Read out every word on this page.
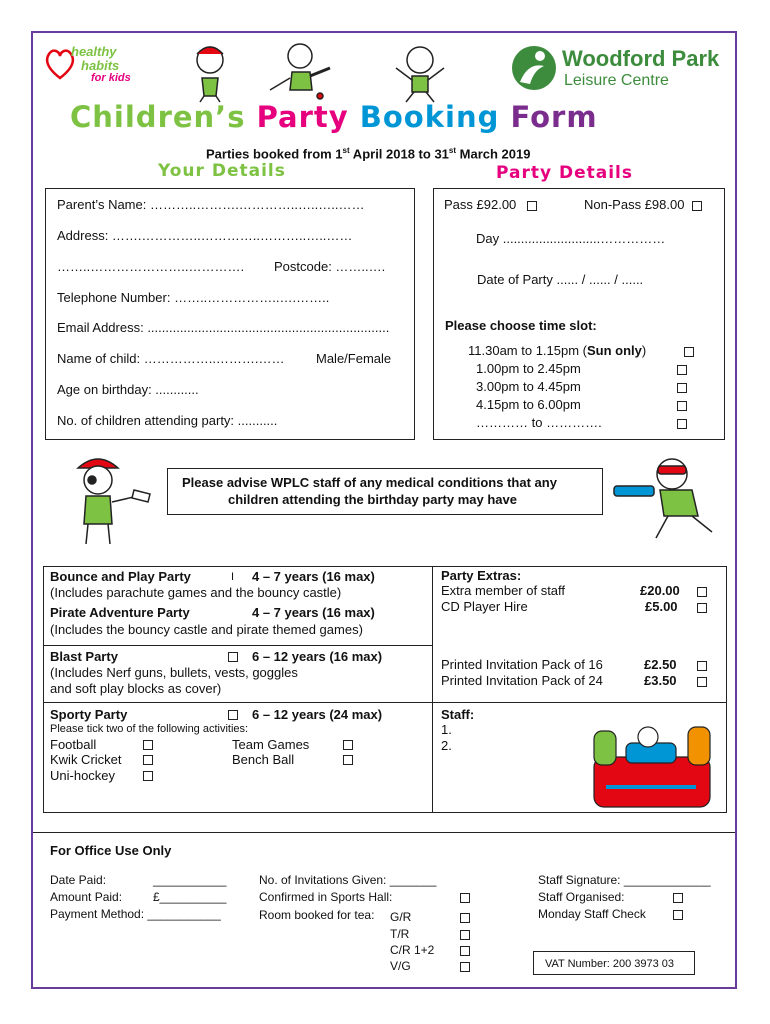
healthy
habits
for kids
Woodford Park
Leisure Centre
Children’s Party Booking Form
Parties booked from 1st April 2018 to 31st March 2019
Your Details	Party Details
Parent’s Name: ………..……….…………..…..…..……
Address: …….…………..…………..………..…..……
……..…………………..…………. Postcode: ……..….
Telephone Number: ……..……………..….……..
Email Address: ...................................................................
Name of child: ……………..……….…… Male/Female
Age on birthday: ............
No. of children attending party: ...........
Pass £92.00	Non-Pass £98.00
Day ...........................……………
Date of Party ...... / ...... / ......
Please choose time slot:
11.30am to 1.15pm (Sun only)
1.00pm to 2.45pm
3.00pm to 4.45pm
4.15pm to 6.00pm
………… to ………….
Please advise WPLC staff of any medical conditions that any
children attending the birthday party may have
Bounce and Play Party	I 4 – 7 years (16 max)
(Includes parachute games and the bouncy castle)
Pirate Adventure Party	4 – 7 years (16 max)
(Includes the bouncy castle and pirate themed games)
Blast Party	6 – 12 years (16 max)
(Includes Nerf guns, bullets, vests, goggles
and soft play blocks as cover)
Sporty Party	6 – 12 years (24 max)
Please tick two of the following activities:
Football	Team Games
Kwik Cricket	Bench Ball
Uni-hockey
Party Extras:
Extra member of staff	£20.00
CD Player Hire	£5.00
Printed Invitation Pack of 16	£2.50
Printed Invitation Pack of 24	£3.50
Staff:
1.
2.
For Office Use Only
Date Paid:	___________
Amount Paid:	£__________
Payment Method: ___________
No. of Invitations Given: _______
Confirmed in Sports Hall:
Room booked for tea: G/R
T/R
C/R 1+2
V/G
Staff Signature: _____________
Staff Organised:
Monday Staff Check
VAT Number: 200 3973 03
